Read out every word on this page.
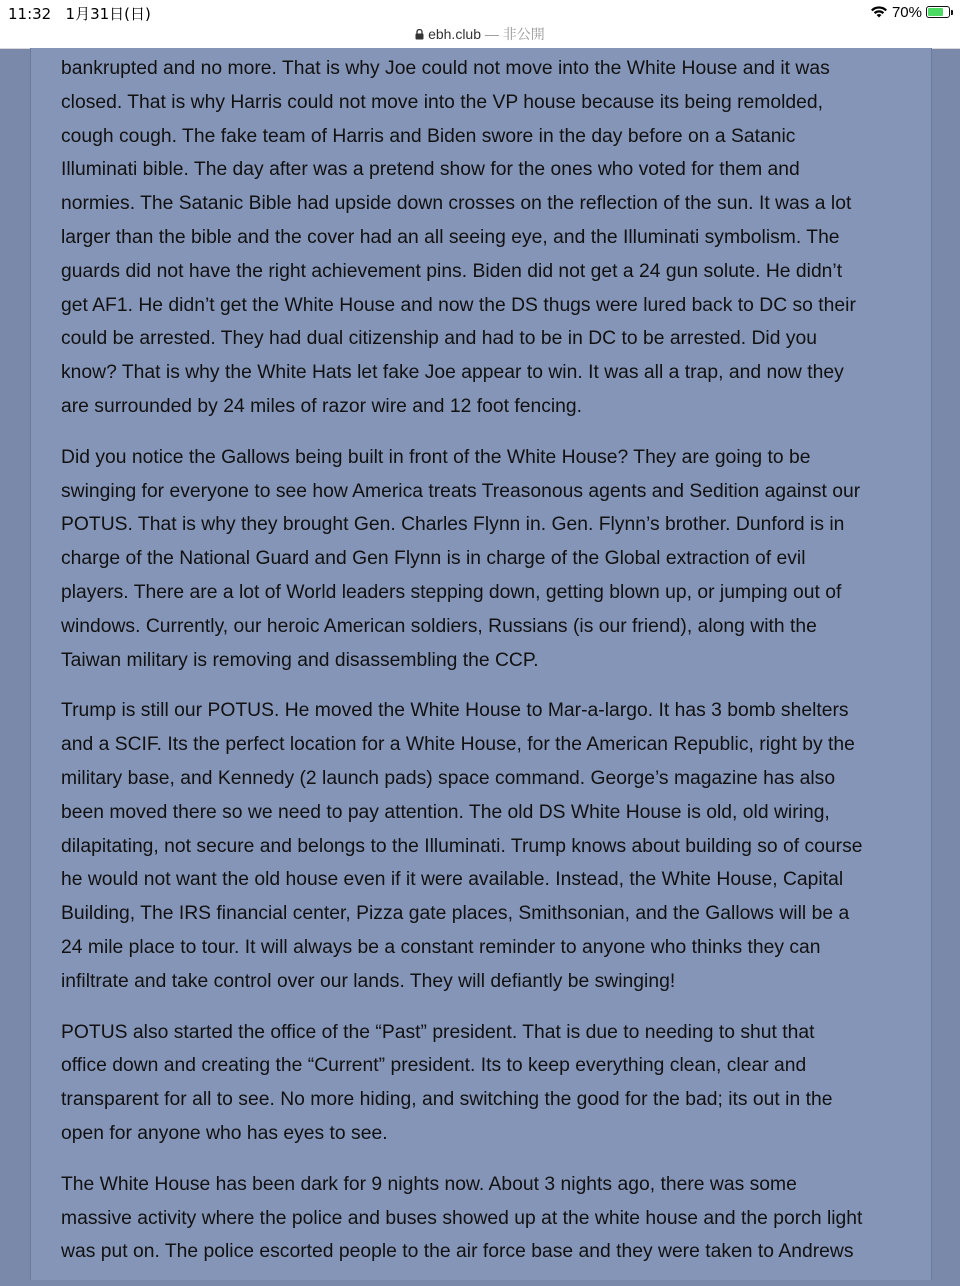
11:32 1月31日(日)	70%
ebh.club — 非公開

bankrupted and no more. That is why Joe could not move into the White House and it was
closed. That is why Harris could not move into the VP house because its being remolded,
cough cough. The fake team of Harris and Biden swore in the day before on a Satanic
Illuminati bible. The day after was a pretend show for the ones who voted for them and
normies. The Satanic Bible had upside down crosses on the reflection of the sun. It was a lot
larger than the bible and the cover had an all seeing eye, and the Illuminati symbolism. The
guards did not have the right achievement pins. Biden did not get a 24 gun solute. He didn’t
get AF1. He didn’t get the White House and now the DS thugs were lured back to DC so their
could be arrested. They had dual citizenship and had to be in DC to be arrested. Did you
know? That is why the White Hats let fake Joe appear to win. It was all a trap, and now they
are surrounded by 24 miles of razor wire and 12 foot fencing.

Did you notice the Gallows being built in front of the White House? They are going to be
swinging for everyone to see how America treats Treasonous agents and Sedition against our
POTUS. That is why they brought Gen. Charles Flynn in. Gen. Flynn’s brother. Dunford is in
charge of the National Guard and Gen Flynn is in charge of the Global extraction of evil
players. There are a lot of World leaders stepping down, getting blown up, or jumping out of
windows. Currently, our heroic American soldiers, Russians (is our friend), along with the
Taiwan military is removing and disassembling the CCP.

Trump is still our POTUS. He moved the White House to Mar-a-largo. It has 3 bomb shelters
and a SCIF. Its the perfect location for a White House, for the American Republic, right by the
military base, and Kennedy (2 launch pads) space command. George’s magazine has also
been moved there so we need to pay attention. The old DS White House is old, old wiring,
dilapitating, not secure and belongs to the Illuminati. Trump knows about building so of course
he would not want the old house even if it were available. Instead, the White House, Capital
Building, The IRS financial center, Pizza gate places, Smithsonian, and the Gallows will be a
24 mile place to tour. It will always be a constant reminder to anyone who thinks they can
infiltrate and take control over our lands. They will defiantly be swinging!

POTUS also started the office of the “Past” president. That is due to needing to shut that
office down and creating the “Current” president. Its to keep everything clean, clear and
transparent for all to see. No more hiding, and switching the good for the bad; its out in the
open for anyone who has eyes to see.

The White House has been dark for 9 nights now. About 3 nights ago, there was some
massive activity where the police and buses showed up at the white house and the porch light
was put on. The police escorted people to the air force base and they were taken to Andrews
